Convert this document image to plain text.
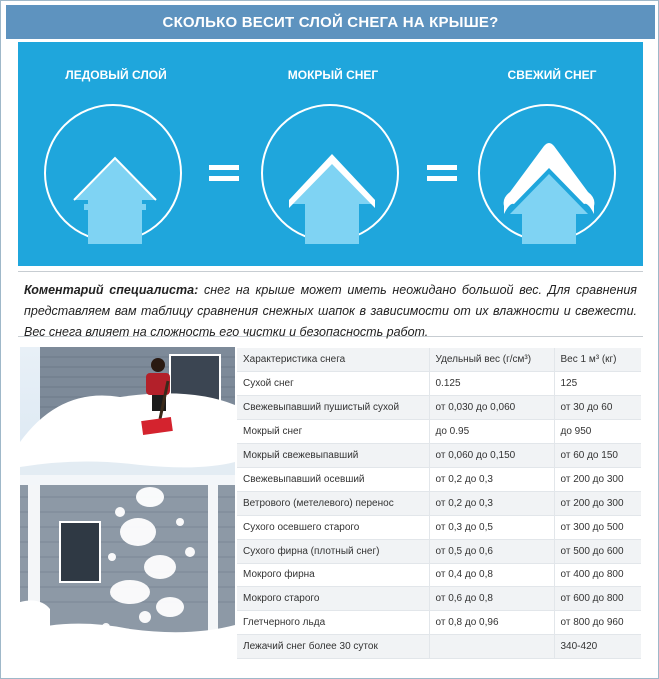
СКОЛЬКО ВЕСИТ СЛОЙ СНЕГА НА КРЫШЕ?
ЛЕДОВЫЙ СЛОЙ	МОКРЫЙ СНЕГ	СВЕЖИЙ СНЕГ
Коментарий специалиста: снег на крыше может иметь неожидано большой вес. Для сравнения представляем вам таблицу сравнения снежных шапок в зависимости от их влажности и свежести. Вес снега влияет на сложность его чистки и безопасность работ.
Характеристика снега	Удельный вес (г/см³)	Вес 1 м³ (кг)
Сухой снег	0.125	125
Свежевыпавший пушистый сухой	от 0,030 до 0,060	от 30 до 60
Мокрый снег	до 0.95	до 950
Мокрый свежевыпавший	от 0,060 до 0,150	от 60 до 150
Свежевыпавший осевший	от 0,2 до 0,3	от 200 до 300
Ветрового (метелевого) перенос	от 0,2 до 0,3	от 200 до 300
Сухого осевшего старого	от 0,3 до 0,5	от 300 до 500
Сухого фирна (плотный снег)	от 0,5 до 0,6	от 500 до 600
Мокрого фирна	от 0,4 до 0,8	от 400 до 800
Мокрого старого	от 0,6 до 0,8	от 600 до 800
Глетчерного льда	от 0,8 до 0,96	от 800 до 960
Лежачий снег более 30 суток		340-420
